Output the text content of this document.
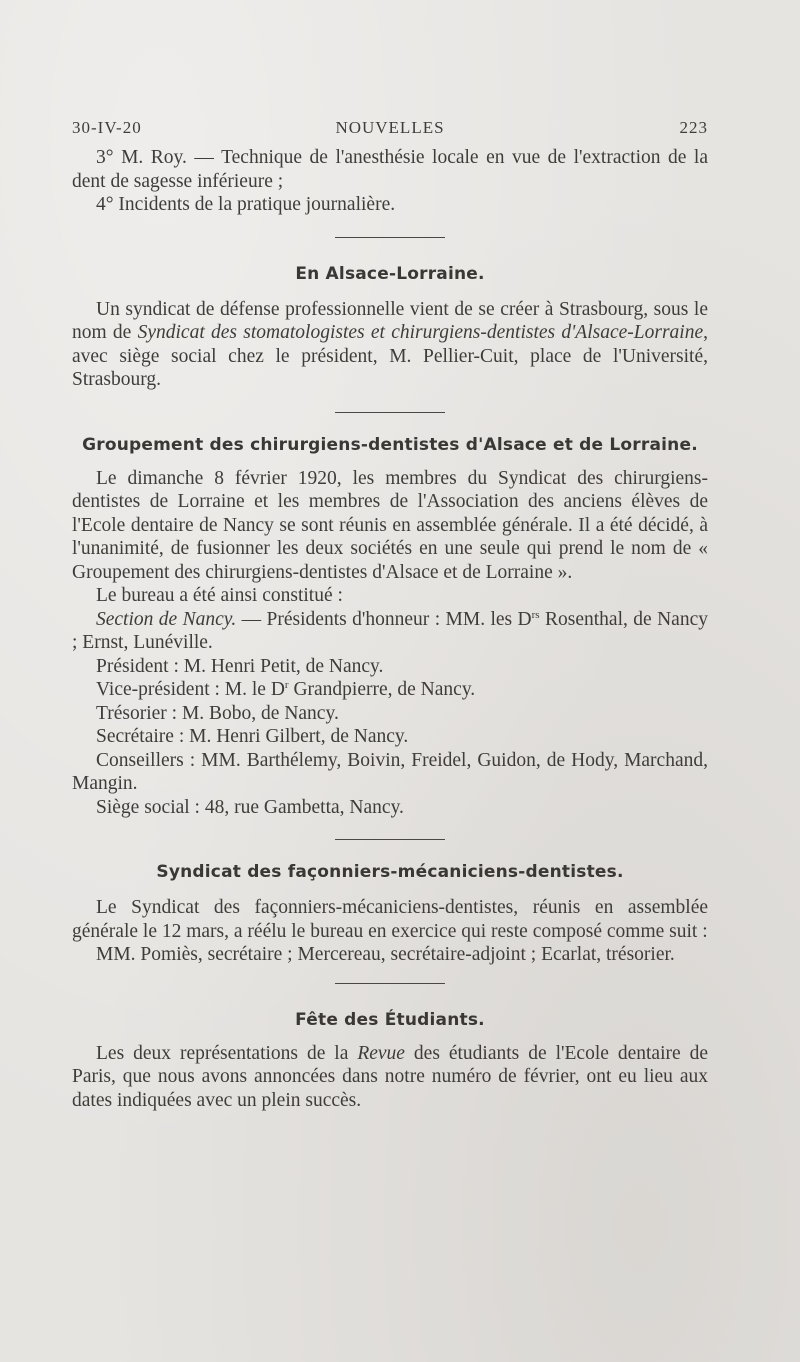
30-IV-20	NOUVELLES	223

3° M. Roy. — Technique de l'anesthésie locale en vue de l'extraction de la dent de sagesse inférieure ;

4° Incidents de la pratique journalière.

En Alsace-Lorraine.

Un syndicat de défense professionnelle vient de se créer à Strasbourg, sous le nom de Syndicat des stomatologistes et chirurgiens-dentistes d'Alsace-Lorraine, avec siège social chez le président, M. Pellier-Cuit, place de l'Université, Strasbourg.

Groupement des chirurgiens-dentistes d'Alsace et de Lorraine.

Le dimanche 8 février 1920, les membres du Syndicat des chirurgiens-dentistes de Lorraine et les membres de l'Association des anciens élèves de l'Ecole dentaire de Nancy se sont réunis en assemblée générale. Il a été décidé, à l'unanimité, de fusionner les deux sociétés en une seule qui prend le nom de « Groupement des chirurgiens-dentistes d'Alsace et de Lorraine ».

Le bureau a été ainsi constitué :

Section de Nancy. — Présidents d'honneur : MM. les $D^{rs}$ Rosenthal, de Nancy ; Ernst, Lunéville.

Président : M. Henri Petit, de Nancy.

Vice-président : M. le $D^r$ Grandpierre, de Nancy.

Trésorier : M. Bobo, de Nancy.

Secrétaire : M. Henri Gilbert, de Nancy.

Conseillers : MM. Barthélemy, Boivin, Freidel, Guidon, de Hody, Marchand, Mangin.

Siège social : 48, rue Gambetta, Nancy.

Syndicat des façonniers-mécaniciens-dentistes.

Le Syndicat des façonniers-mécaniciens-dentistes, réunis en assemblée générale le 12 mars, a réélu le bureau en exercice qui reste composé comme suit :

MM. Pomiès, secrétaire ; Mercereau, secrétaire-adjoint ; Ecarlat, trésorier.

Fête des Étudiants.

Les deux représentations de la Revue des étudiants de l'Ecole dentaire de Paris, que nous avons annoncées dans notre numéro de février, ont eu lieu aux dates indiquées avec un plein succès.
